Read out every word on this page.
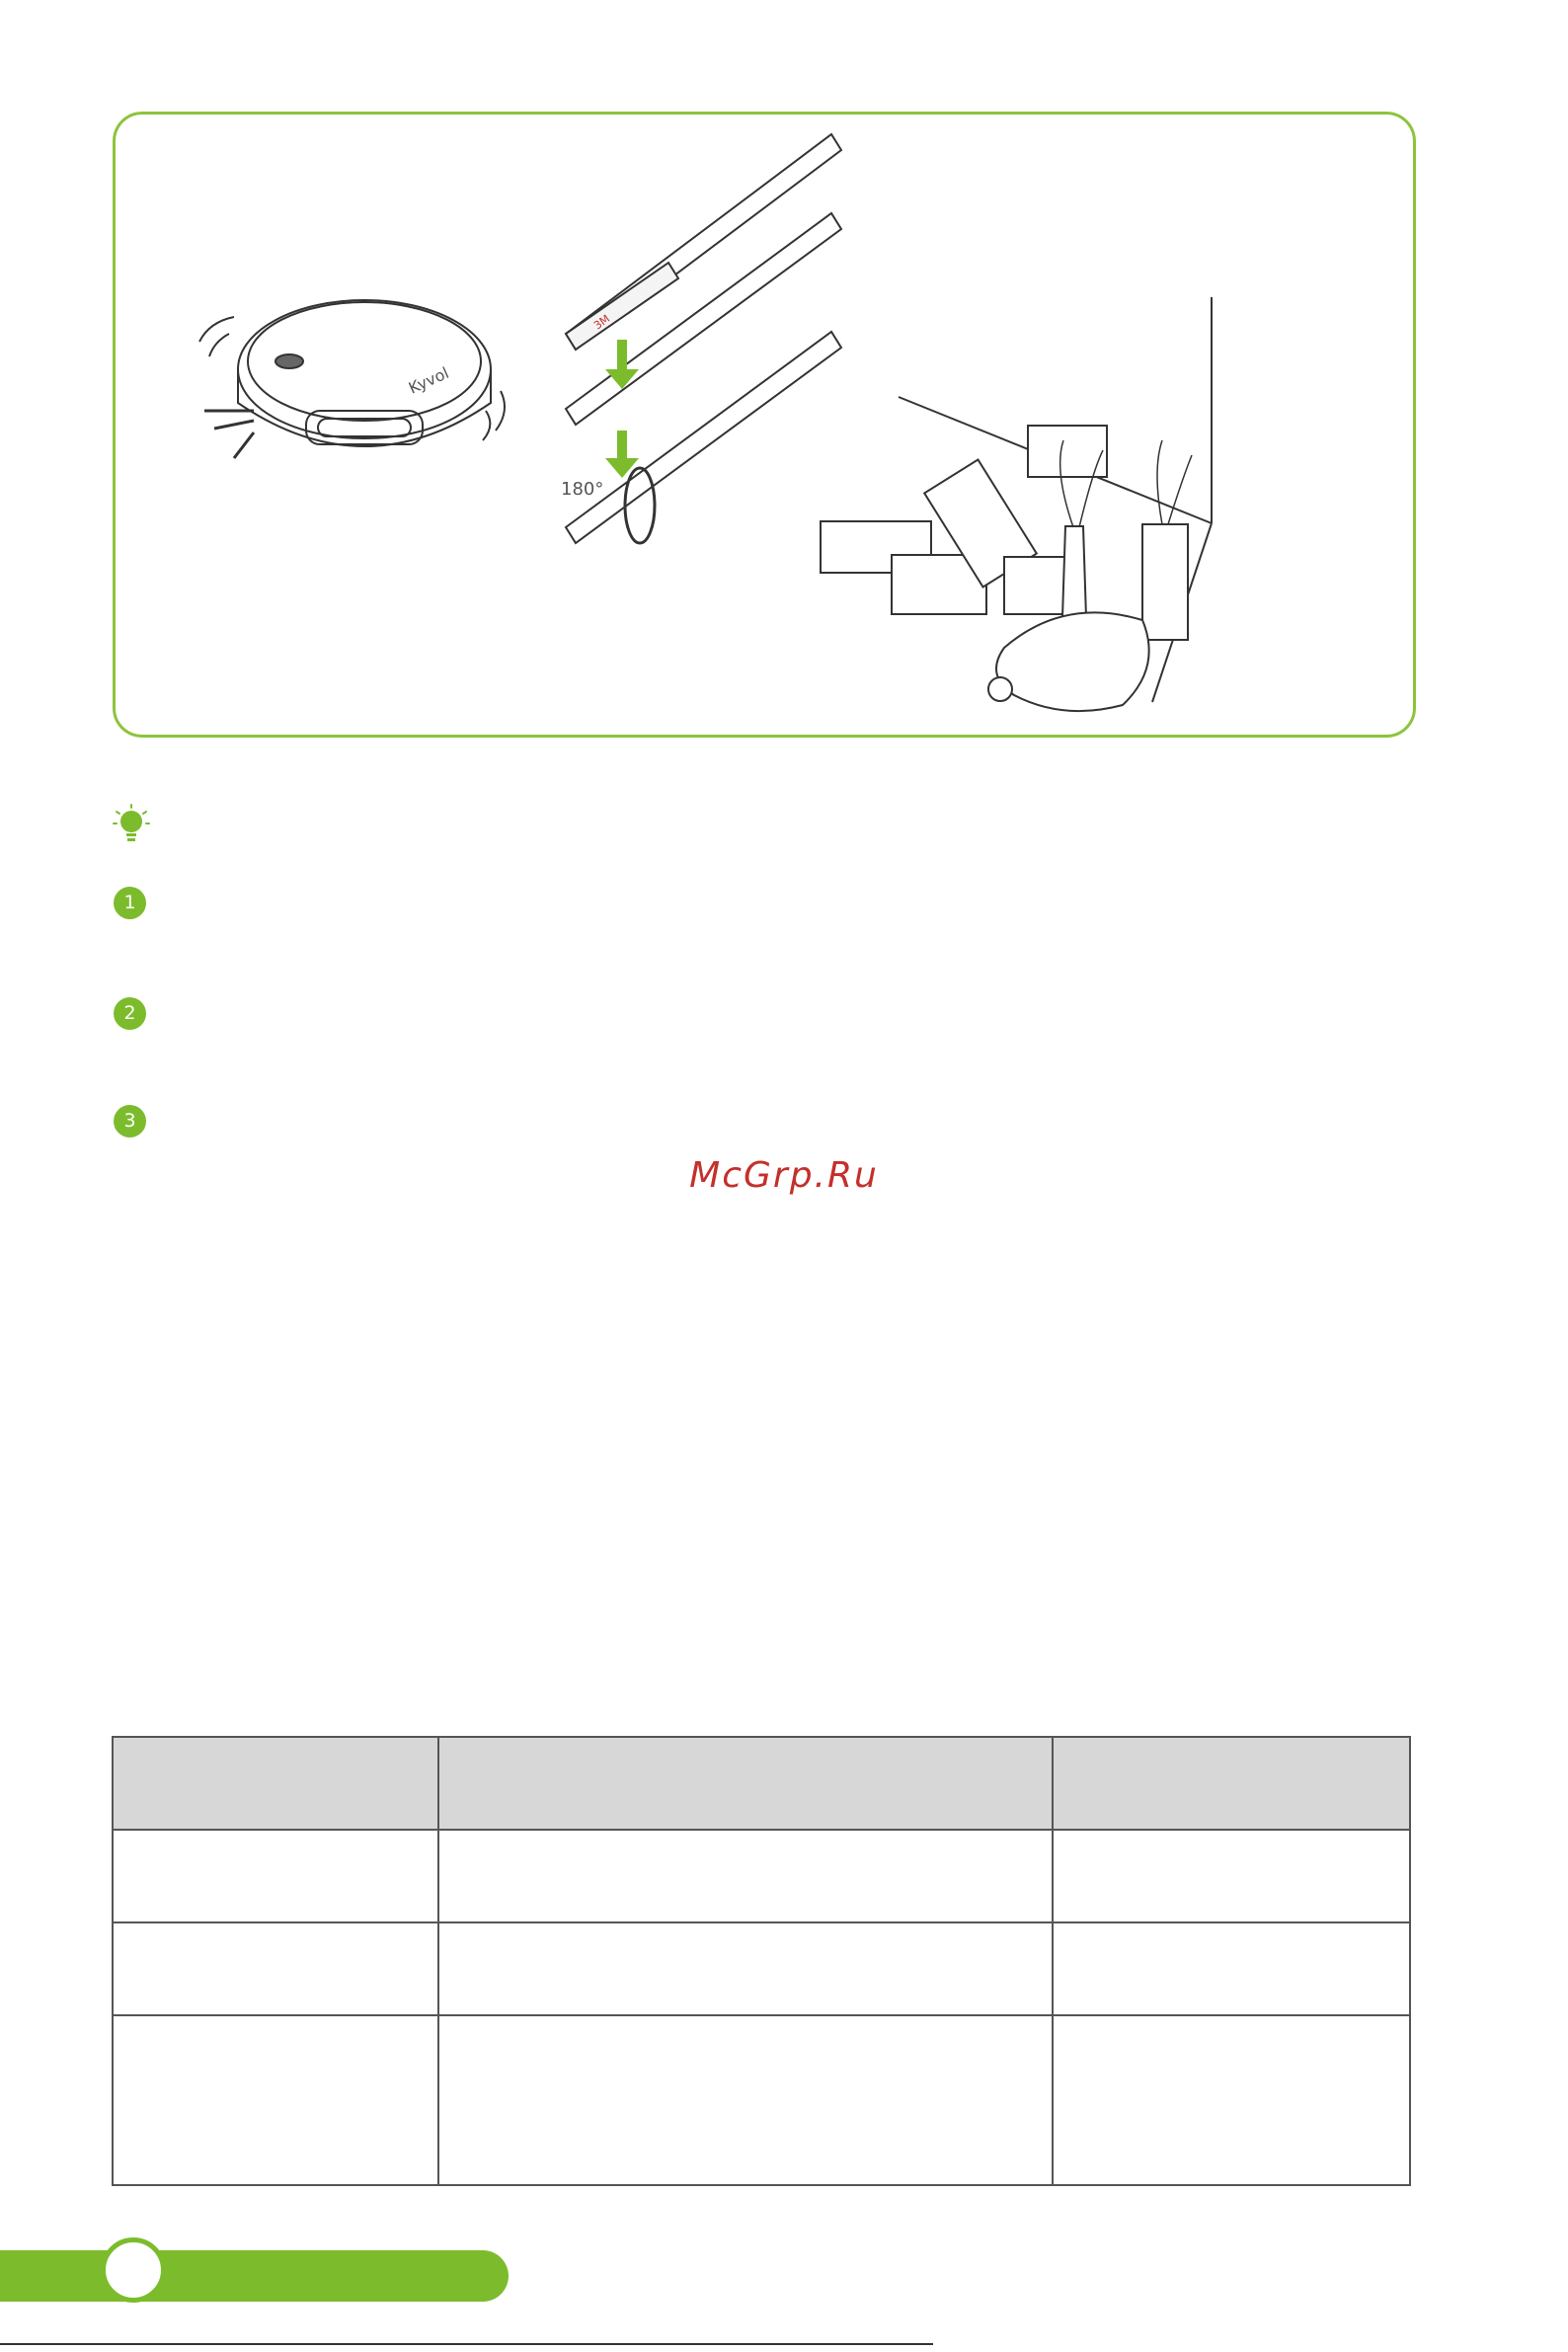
Kyvol
3M
180°
1
2
3
McGrp.Ru
